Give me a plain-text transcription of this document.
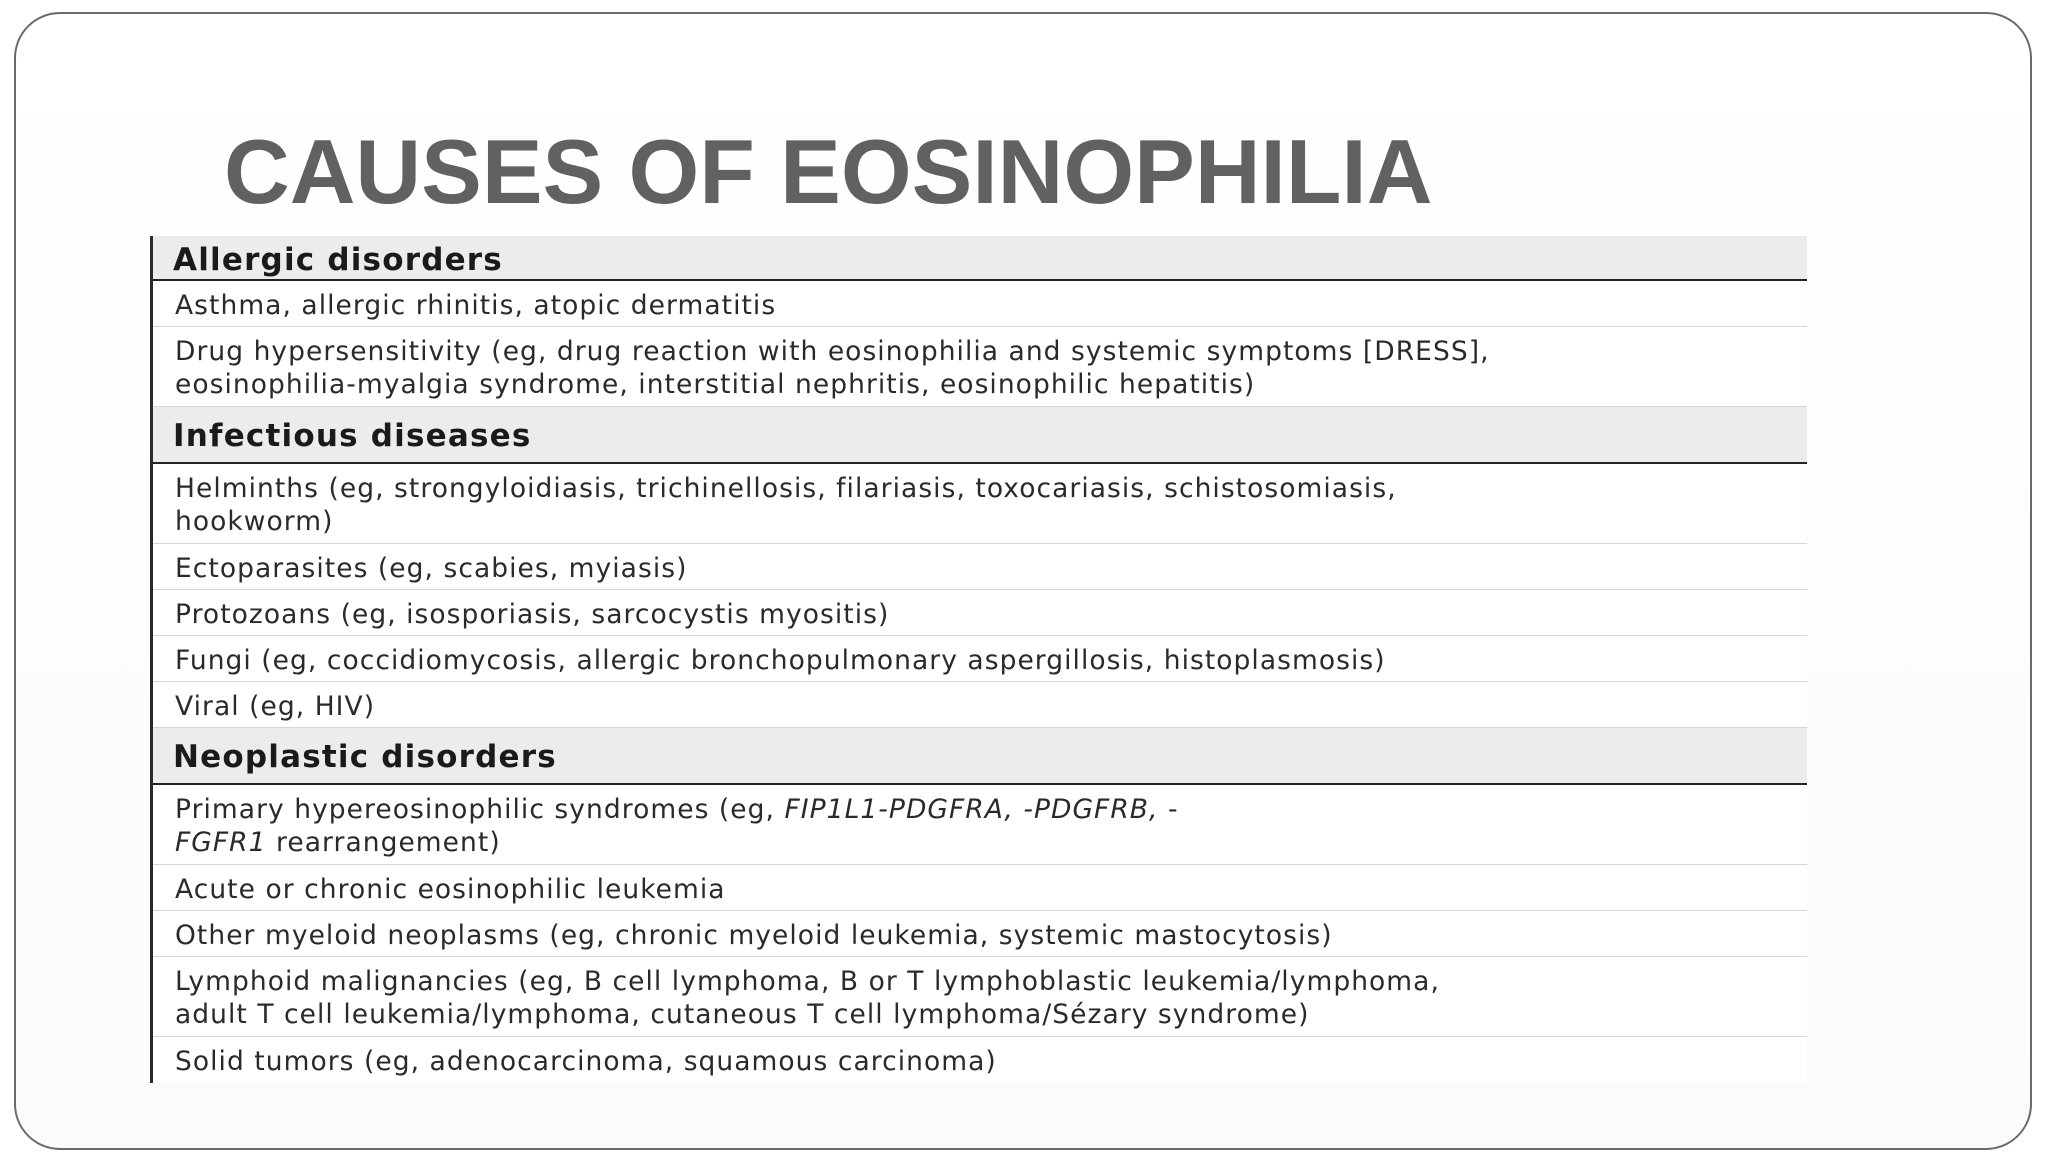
CAUSES OF EOSINOPHILIA
Allergic disorders
Asthma, allergic rhinitis, atopic dermatitis
Drug hypersensitivity (eg, drug reaction with eosinophilia and systemic symptoms [DRESS],
eosinophilia-myalgia syndrome, interstitial nephritis, eosinophilic hepatitis)
Infectious diseases
Helminths (eg, strongyloidiasis, trichinellosis, filariasis, toxocariasis, schistosomiasis,
hookworm)
Ectoparasites (eg, scabies, myiasis)
Protozoans (eg, isosporiasis, sarcocystis myositis)
Fungi (eg, coccidiomycosis, allergic bronchopulmonary aspergillosis, histoplasmosis)
Viral (eg, HIV)
Neoplastic disorders
Primary hypereosinophilic syndromes (eg, FIP1L1-PDGFRA, -PDGFRB, -
FGFR1 rearrangement)
Acute or chronic eosinophilic leukemia
Other myeloid neoplasms (eg, chronic myeloid leukemia, systemic mastocytosis)
Lymphoid malignancies (eg, B cell lymphoma, B or T lymphoblastic leukemia/lymphoma,
adult T cell leukemia/lymphoma, cutaneous T cell lymphoma/Sézary syndrome)
Solid tumors (eg, adenocarcinoma, squamous carcinoma)
